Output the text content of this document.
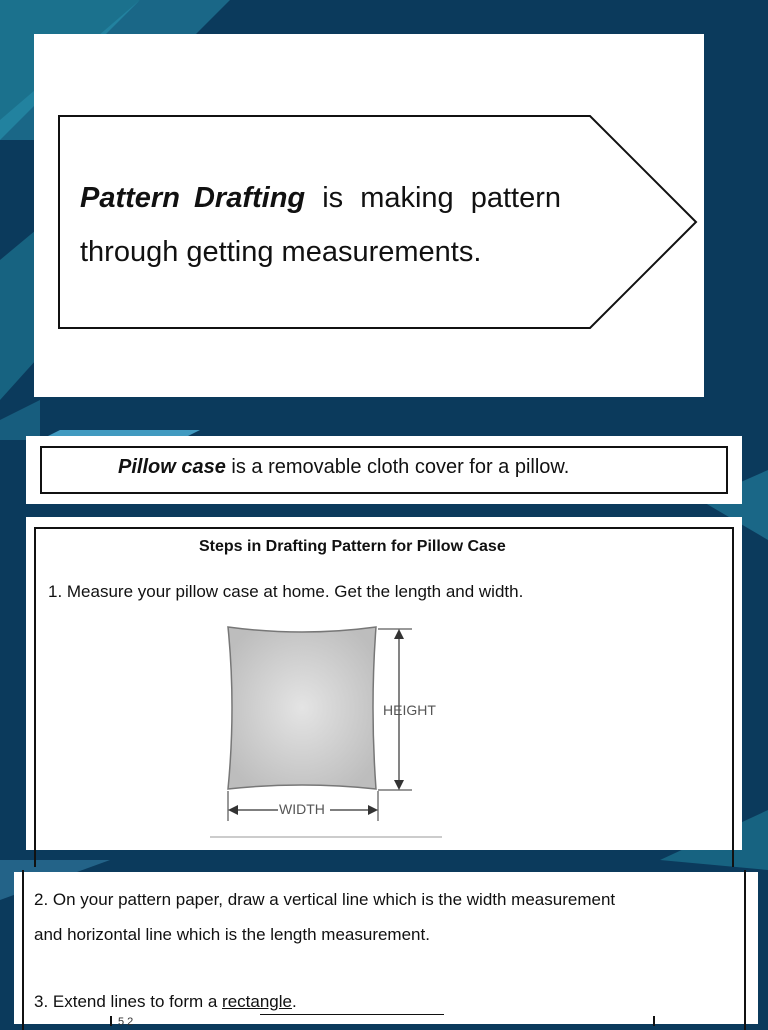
Pattern Drafting is making pattern
through getting measurements.
Pillow case is a removable cloth cover for a pillow.
Steps in Drafting Pattern for Pillow Case
1. Measure your pillow case at home. Get the length and width.
HEIGHT
WIDTH
2. On your pattern paper, draw a vertical line which is the width measurement
and horizontal line which is the length measurement.
3. Extend lines to form a rectangle.
5 2
